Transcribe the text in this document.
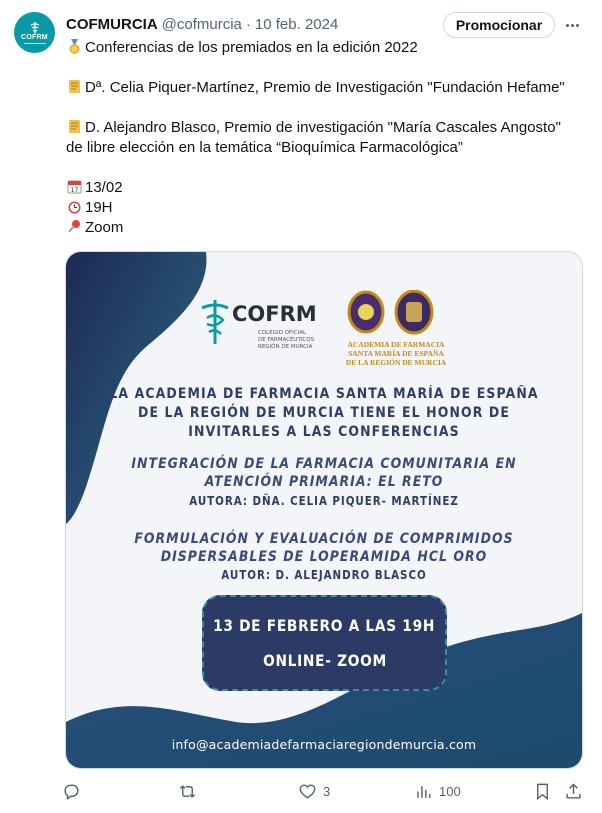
COFRM
COFMURCIA @cofmurcia · 10 feb. 2024	Promocionar
Conferencias de los premiados en la edición 2022
Dª. Celia Piquer-Martínez, Premio de Investigación "Fundación Hefame"
D. Alejandro Blasco, Premio de investigación "María Cascales Angosto"
de libre elección en la temática “Bioquímica Farmacológica”
17 13/02
19H
Zoom
COFRM
COLEGIO OFICIAL
DE FARMACÉUTICOS
REGIÓN DE MURCIA	ACADEMIA DE FARMACIA
SANTA MARÍA DE ESPAÑA
DE LA REGIÓN DE MURCIA
LA ACADEMIA DE FARMACIA SANTA MARÍA DE ESPAÑA
DE LA REGIÓN DE MURCIA TIENE EL HONOR DE
INVITARLES A LAS CONFERENCIAS
INTEGRACIÓN DE LA FARMACIA COMUNITARIA EN
ATENCIÓN PRIMARIA: EL RETO
AUTORA: DÑA. CELIA PIQUER- MARTÍNEZ
FORMULACIÓN Y EVALUACIÓN DE COMPRIMIDOS
DISPERSABLES DE LOPERAMIDA HCL ORO
AUTOR: D. ALEJANDRO BLASCO
13 DE FEBRERO A LAS 19H
ONLINE- ZOOM
info@academiadefarmaciaregiondemurcia.com
3	100
